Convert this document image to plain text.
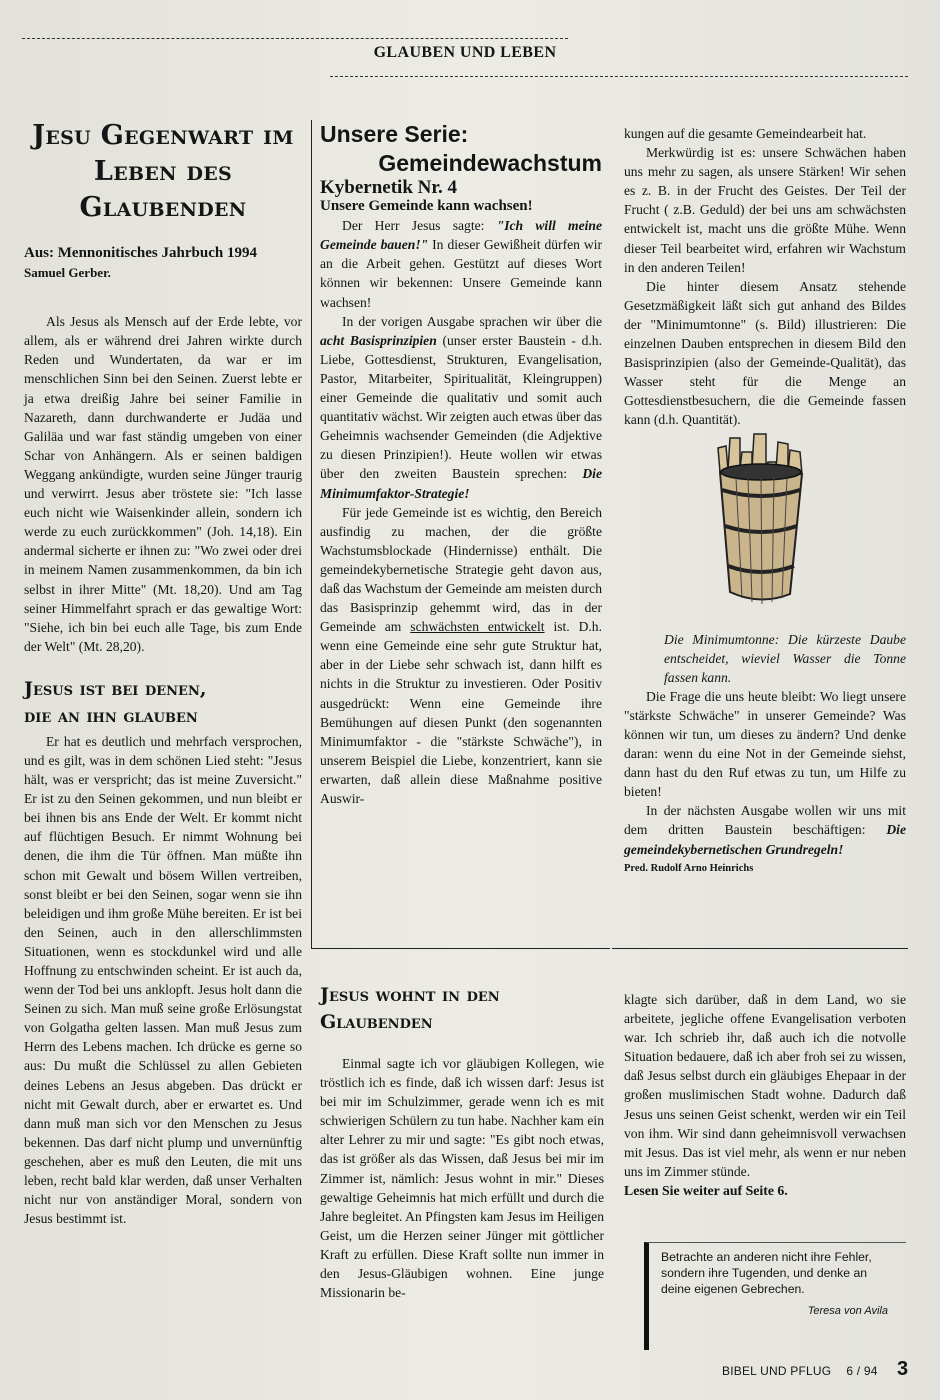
GLAUBEN UND LEBEN
Jesu Gegenwart im Leben des Glaubenden

Aus: Mennonitisches Jahrbuch 1994

Samuel Gerber.

Als Jesus als Mensch auf der Erde lebte, vor allem, als er während drei Jahren wirkte durch Reden und Wundertaten, da war er im menschlichen Sinn bei den Seinen. Zuerst lebte er ja etwa dreißig Jahre bei seiner Familie in Nazareth, dann durchwanderte er Judäa und Galiläa und war fast ständig umgeben von einer Schar von Anhängern. Als er seinen baldigen Weggang ankündigte, wurden seine Jünger traurig und verwirrt. Jesus aber tröstete sie: "Ich lasse euch nicht wie Waisenkinder allein, sondern ich werde zu euch zurückkommen" (Joh. 14,18). Ein andermal sicherte er ihnen zu: "Wo zwei oder drei in meinem Namen zusammenkommen, da bin ich selbst in ihrer Mitte" (Mt. 18,20). Und am Tag seiner Himmelfahrt sprach er das gewaltige Wort: "Siehe, ich bin bei euch alle Tage, bis zum Ende der Welt" (Mt. 28,20).

Jesus ist bei denen,

die an ihn glauben

Er hat es deutlich und mehrfach versprochen, und es gilt, was in dem schönen Lied steht: "Jesus hält, was er verspricht; das ist meine Zuversicht." Er ist zu den Seinen gekommen, und nun bleibt er bei ihnen bis ans Ende der Welt. Er kommt nicht auf flüchtigen Besuch. Er nimmt Wohnung bei denen, die ihm die Tür öffnen. Man müßte ihn schon mit Gewalt und bösem Willen vertreiben, sonst bleibt er bei den Seinen, sogar wenn sie ihn beleidigen und ihm große Mühe bereiten. Er ist bei den Seinen, auch in den allerschlimmsten Situationen, wenn es stockdunkel wird und alle Hoffnung zu entschwinden scheint. Er ist auch da, wenn der Tod bei uns anklopft. Jesus holt dann die Seinen zu sich. Man muß seine große Erlösungstat von Golgatha gelten lassen. Man muß Jesus zum Herrn des Lebens machen. Ich drücke es gerne so aus: Du mußt die Schlüssel zu allen Gebieten deines Lebens an Jesus abgeben. Das drückt er nicht mit Gewalt durch, aber er erwartet es. Und dann muß man sich vor den Menschen zu Jesus bekennen. Das darf nicht plump und unvernünftig geschehen, aber es muß den Leuten, die mit uns leben, recht bald klar werden, daß unser Verhalten nicht nur von anständiger Moral, sondern von Jesus bestimmt ist.

Unsere Serie:

Gemeindewachstum

Kybernetik Nr. 4

Unsere Gemeinde kann wachsen!

Der Herr Jesus sagte: "Ich will meine Gemeinde bauen!" In dieser Gewißheit dürfen wir an die Arbeit gehen. Gestützt auf dieses Wort können wir bekennen: Unsere Gemeinde kann wachsen!

In der vorigen Ausgabe sprachen wir über die acht Basisprinzipien (unser erster Baustein - d.h. Liebe, Gottesdienst, Strukturen, Evangelisation, Pastor, Mitarbeiter, Spiritualität, Kleingruppen) einer Gemeinde die qualitativ und somit auch quantitativ wächst. Wir zeigten auch etwas über das Geheimnis wachsender Gemeinden (die Adjektive zu diesen Prinzipien!). Heute wollen wir etwas über den zweiten Baustein sprechen: Die Minimumfaktor-Strategie!

Für jede Gemeinde ist es wichtig, den Bereich ausfindig zu machen, der die größte Wachstumsblockade (Hindernisse) enthält. Die gemeindekybernetische Strategie geht davon aus, daß das Wachstum der Gemeinde am meisten durch das Basisprinzip gehemmt wird, das in der Gemeinde am schwächsten entwickelt ist. D.h. wenn eine Gemeinde eine sehr gute Struktur hat, aber in der Liebe sehr schwach ist, dann hilft es nichts in die Struktur zu investieren. Oder Positiv ausgedrückt: Wenn eine Gemeinde ihre Bemühungen auf diesen Punkt (den sogenannten Minimumfaktor - die "stärkste Schwäche"), in unserem Beispiel die Liebe, konzentriert, kann sie erwarten, daß allein diese Maßnahme positive Auswir-

kungen auf die gesamte Gemeindearbeit hat.

Merkwürdig ist es: unsere Schwächen haben uns mehr zu sagen, als unsere Stärken! Wir sehen es z. B. in der Frucht des Geistes. Der Teil der Frucht ( z.B. Geduld) der bei uns am schwächsten entwickelt ist, macht uns die größte Mühe. Wenn dieser Teil bearbeitet wird, erfahren wir Wachstum in den anderen Teilen!

Die hinter diesem Ansatz stehende Gesetzmäßigkeit läßt sich gut anhand des Bildes der "Minimumtonne" (s. Bild) illustrieren: Die einzelnen Dauben entsprechen in diesem Bild den Basisprinzipien (also der Gemeinde-Qualität), das Wasser steht für die Menge an Gottesdienstbesuchern, die die Gemeinde fassen kann (d.h. Quantität).

Die Minimumtonne: Die kürzeste Daube entscheidet, wieviel Wasser die Tonne fassen kann.

Die Frage die uns heute bleibt: Wo liegt unsere "stärkste Schwäche" in unserer Gemeinde? Was können wir tun, um dieses zu ändern? Und denke daran: wenn du eine Not in der Gemeinde siehst, dann hast du den Ruf etwas zu tun, um Hilfe zu bieten!

In der nächsten Ausgabe wollen wir uns mit dem dritten Baustein beschäftigen: Die gemeindekybernetischen Grundregeln!

Pred. Rudolf Arno Heinrichs

Jesus wohnt in den

Glaubenden

Einmal sagte ich vor gläubigen Kollegen, wie tröstlich ich es finde, daß ich wissen darf: Jesus ist bei mir im Schulzimmer, gerade wenn ich es mit schwierigen Schülern zu tun habe. Nachher kam ein alter Lehrer zu mir und sagte: "Es gibt noch etwas, das ist größer als das Wissen, daß Jesus bei mir im Zimmer ist, nämlich: Jesus wohnt in mir." Dieses gewaltige Geheimnis hat mich erfüllt und durch die Jahre begleitet. An Pfingsten kam Jesus im Heiligen Geist, um die Herzen seiner Jünger mit göttlicher Kraft zu erfüllen. Diese Kraft sollte nun immer in den Jesus-Gläubigen wohnen. Eine junge Missionarin be-

klagte sich darüber, daß in dem Land, wo sie arbeitete, jegliche offene Evangelisation verboten war. Ich schrieb ihr, daß auch ich die notvolle Situation bedauere, daß ich aber froh sei zu wissen, daß Jesus selbst durch ein gläubiges Ehepaar in der großen muslimischen Stadt wohne. Dadurch daß Jesus uns seinen Geist schenkt, werden wir ein Teil von ihm. Wir sind dann geheimnisvoll verwachsen mit Jesus. Das ist viel mehr, als wenn er nur neben uns im Zimmer stünde.

Lesen Sie weiter auf Seite 6.

Betrachte an anderen nicht ihre Fehler, sondern ihre Tugenden, und denke an deine eigenen Gebrechen.
Teresa von Avila
BIBEL UND PFLUG 6 / 94 3
